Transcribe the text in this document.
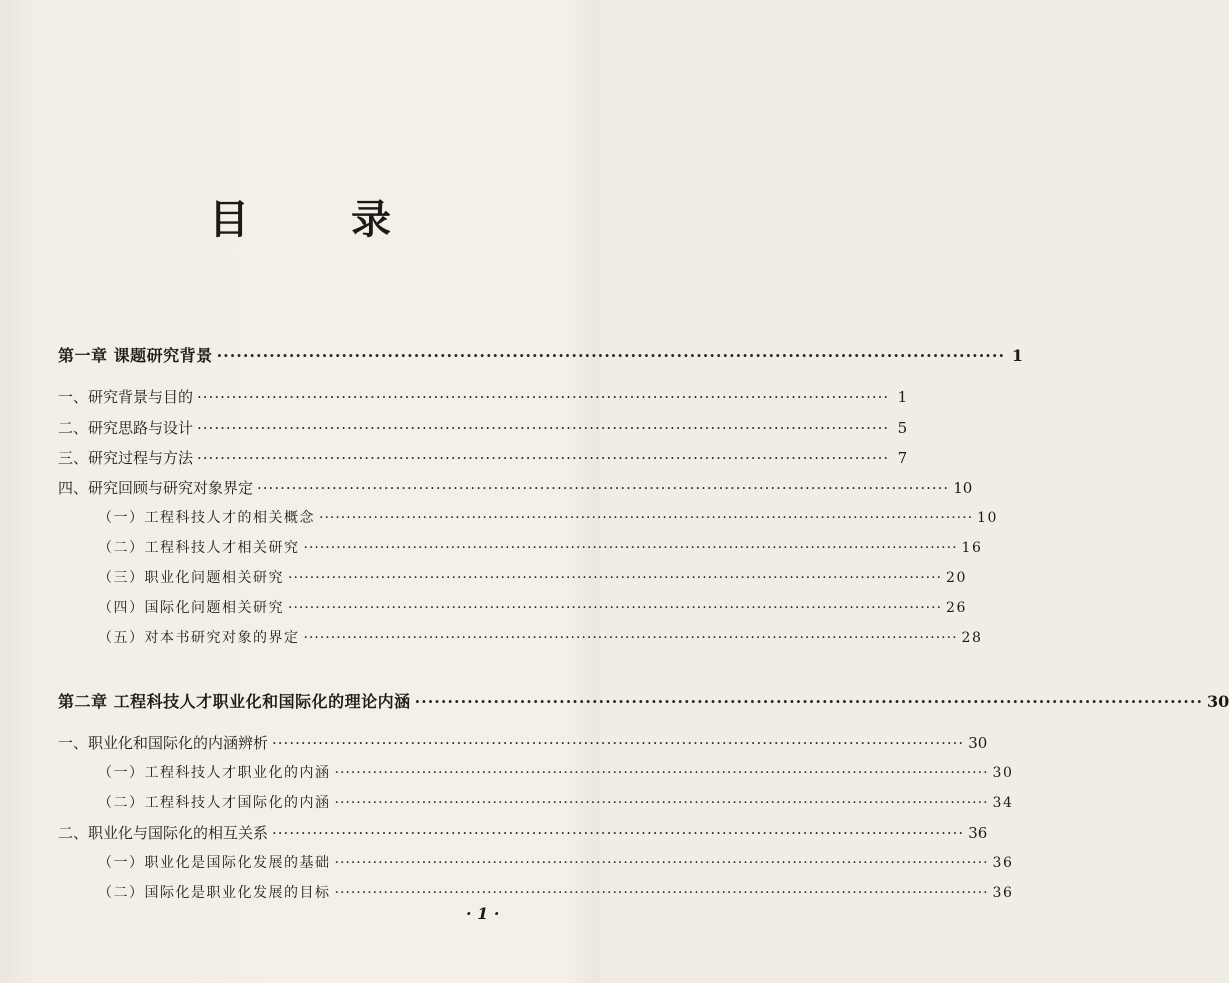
目 录
第一章 课题研究背景 ························································································································ 1
一、研究背景与目的 ························································································································ 1
二、研究思路与设计 ························································································································ 5
三、研究过程与方法 ························································································································ 7
四、研究回顾与研究对象界定 ························································································································ 10
（一）工程科技人才的相关概念 ························································································································ 10
（二）工程科技人才相关研究 ························································································································ 16
（三）职业化问题相关研究 ························································································································ 20
（四）国际化问题相关研究 ························································································································ 26
（五）对本书研究对象的界定 ························································································································ 28
第二章 工程科技人才职业化和国际化的理论内涵 ························································································································ 30
一、职业化和国际化的内涵辨析 ························································································································ 30
（一）工程科技人才职业化的内涵 ························································································································ 30
（二）工程科技人才国际化的内涵 ························································································································ 34
二、职业化与国际化的相互关系 ························································································································ 36
（一）职业化是国际化发展的基础 ························································································································ 36
（二）国际化是职业化发展的目标 ························································································································ 36
· 1 ·
